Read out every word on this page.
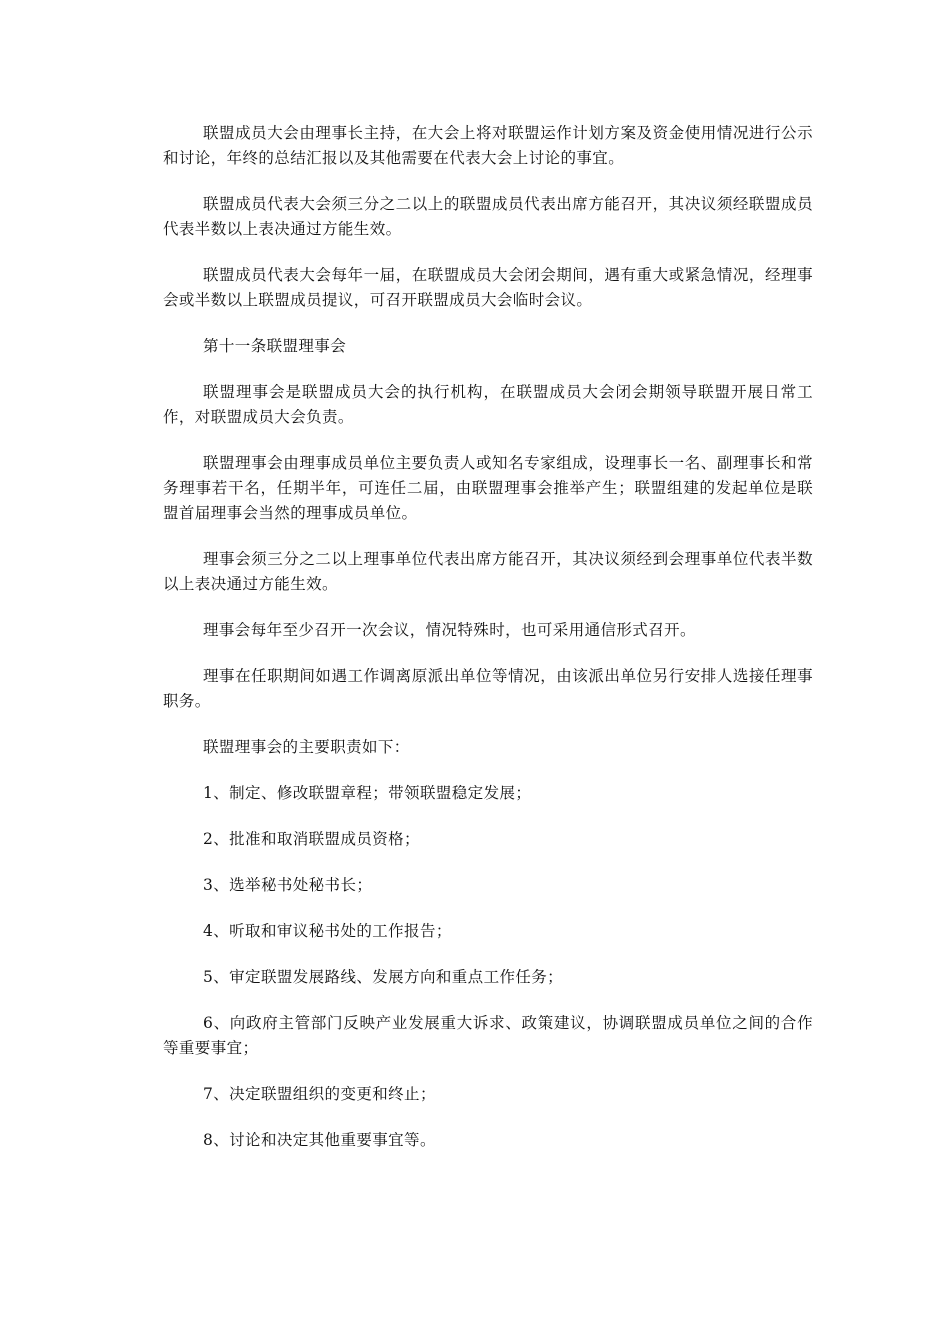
联盟成员大会由理事长主持，在大会上将对联盟运作计划方案及资金使用情况进行公示和讨论，年终的总结汇报以及其他需要在代表大会上讨论的事宜。

联盟成员代表大会须三分之二以上的联盟成员代表出席方能召开，其决议须经联盟成员代表半数以上表决通过方能生效。

联盟成员代表大会每年一届，在联盟成员大会闭会期间，遇有重大或紧急情况，经理事会或半数以上联盟成员提议，可召开联盟成员大会临时会议。

第十一条联盟理事会

联盟理事会是联盟成员大会的执行机构，在联盟成员大会闭会期领导联盟开展日常工作，对联盟成员大会负责。

联盟理事会由理事成员单位主要负责人或知名专家组成，设理事长一名、副理事长和常务理事若干名，任期半年，可连任二届，由联盟理事会推举产生；联盟组建的发起单位是联盟首届理事会当然的理事成员单位。

理事会须三分之二以上理事单位代表出席方能召开，其决议须经到会理事单位代表半数以上表决通过方能生效。

理事会每年至少召开一次会议，情况特殊时，也可采用通信形式召开。

理事在任职期间如遇工作调离原派出单位等情况，由该派出单位另行安排人选接任理事职务。

联盟理事会的主要职责如下：

1、制定、修改联盟章程；带领联盟稳定发展；

2、批准和取消联盟成员资格；

3、选举秘书处秘书长；

4、听取和审议秘书处的工作报告；

5、审定联盟发展路线、发展方向和重点工作任务；

6、向政府主管部门反映产业发展重大诉求、政策建议，协调联盟成员单位之间的合作等重要事宜；

7、决定联盟组织的变更和终止；

8、讨论和决定其他重要事宜等。
